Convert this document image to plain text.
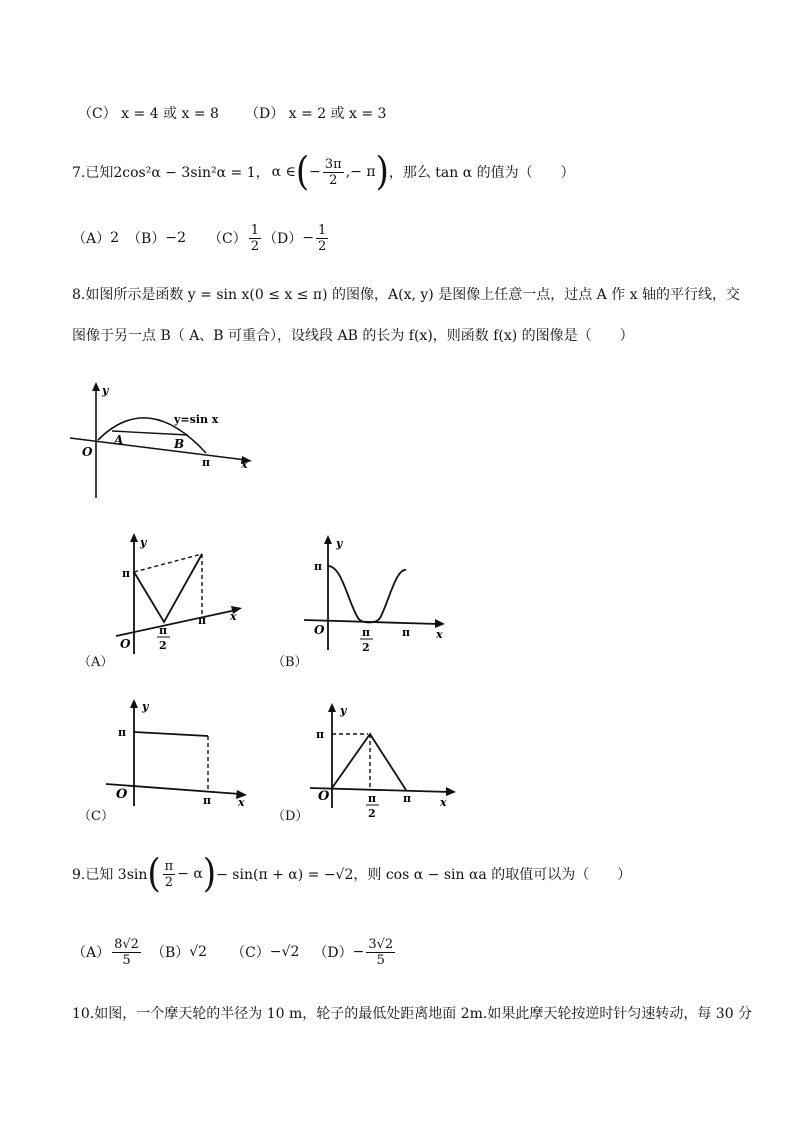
（C） x = 4 或 x = 8 （D） x = 2 或 x = 3
7.已知 2cos²α − 3sin²α = 1， α ∈ ( − $\frac{3\pi}{2}$ , − π ) ，那么 tan α 的值为（　　）
（A） 2 （B） −2 $(C) \frac{1}{2} (D) - \frac{1}{2}$
8.如图所示是函数 y = sin x(0 ≤ x ≤ π) 的图像，A(x, y) 是图像上任意一点，过点 A 作 x 轴的平行线，交
图像于另一点 B（ A、B 可重合），设线段 AB 的长为 f(x)，则函数 f(x) 的图像是（　　）
y
y=sin x
A	B
O
π	x
y
π
O
π
2
π x
（A）
y
π
O	π
2
π x
（B）
y
π
O	π x
（C）
y
π
O	π
2
π	x
（D）
9.已知 3sin ( $\frac{\pi}{2} - \alpha$ ) − sin(π + α) = −√2，则 cos α − sin αa 的取值可以为（　　）
$(A) \frac{8√2}{5} (B)$ √2 （C） −√2 $(D) - \frac{3√2}{5}$
10.如图，一个摩天轮的半径为 10 m，轮子的最低处距离地面 2m.如果此摩天轮按逆时针匀速转动，每 30 分
